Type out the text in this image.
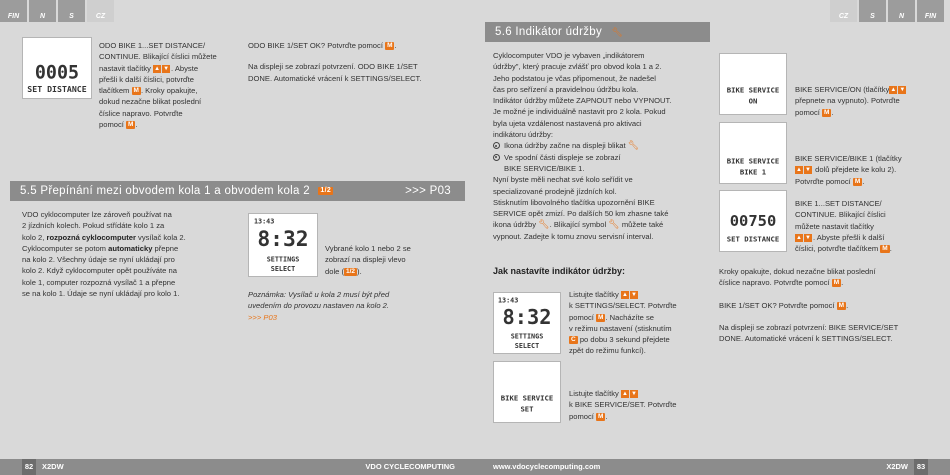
FIN	N	S	CZ
0005
SET DISTANCE
ODO BIKE 1...SET DISTANCE/
CONTINUE. Blikající číslici můžete
nastavit tlačítky ▲ ▼ . Abyste
přešli k další číslici, potvrďte
tlačítkem M . Kroky opakujte,
dokud nezačne blikat poslední
číslice napravo. Potvrďte
pomocí M .
ODO BIKE 1/SET OK? Potvrďte pomocí M .
Na displeji se zobrazí potvrzení. ODO BIKE 1/SET
DONE. Automatické vrácení k SETTINGS/SELECT.
5.5 Přepínání mezi obvodem kola 1 a obvodem kola 2 1/2	>>> P03
VDO cyklocomputer lze zároveň používat na
2 jízdních kolech. Pokud střídáte kolo 1 za
kolo 2, rozpozná cyklocomputer vysílač kola 2.
Cyklocomputer se potom automaticky přepne
na kolo 2. Všechny údaje se nyní ukládají pro
kolo 2. Když cyklocomputer opět používáte na
kole 1, computer rozpozná vysílač 1 a přepne
se na kolo 1. Údaje se nyní ukládají pro kolo 1.
13:43
8:32
SETTINGS
SELECT
Vybrané kolo 1 nebo 2 se
zobrazí na displeji vlevo
dole ( 1/2 ).
Poznámka: Vysílač u kola 2 musí být před
uvedením do provozu nastaven na kolo 2.
>>> P03
82	X2DW	VDO CYCLECOMPUTING
CZ	S	N	FIN
5.6 Indikátor údržby 🔧︎
Cyklocomputer VDO je vybaven „indikátorem
údržby", který pracuje zvlášť pro obvod kola 1 a 2.
Jeho podstatou je včas připomenout, že nadešel
čas pro seřízení a pravidelnou údržbu kola.
Indikátor údržby můžete ZAPNOUT nebo VYPNOUT.
Je možné je individuálně nastavit pro 2 kola. Pokud
byla ujeta vzdálenost nastavená pro aktivaci
indikátoru údržby:
Ikona údržby začne na displeji blikat 🔧︎
Ve spodní části displeje se zobrazí
BIKE SERVICE/BIKE 1.
Nyní byste měli nechat své kolo seřídit ve
specializované prodejně jízdních kol.
Stisknutím libovolného tlačítka upozornění BIKE
SERVICE opět zmizí. Po dalších 50 km zhasne také
ikona údržby 🔧︎. Blikající symbol 🔧︎ můžete také
vypnout. Zadejte k tomu znovu servisní interval.
Jak nastavíte indikátor údržby:
13:43
8:32
SETTINGS
SELECT
Listujte tlačítky ▲ ▼
k SETTINGS/SELECT. Potvrďte
pomocí M . Nacházíte se
v režimu nastavení (stisknutím
C po dobu 3 sekund přejdete
zpět do režimu funkcí).
BIKE SERVICE
SET
Listujte tlačítky ▲ ▼
k BIKE SERVICE/SET. Potvrďte
pomocí M .
BIKE SERVICE
ON
BIKE SERVICE/ON (tlačítky▲ ▼
přepnete na vypnuto). Potvrďte
pomocí M .
BIKE SERVICE
BIKE 1
BIKE SERVICE/BIKE 1 (tlačítky
▲ ▼ dolů přejdete ke kolu 2).
Potvrďte pomocí M .
00750
SET DISTANCE
BIKE 1...SET DISTANCE/
CONTINUE. Blikající číslici
můžete nastavit tlačítky
▲ ▼ . Abyste přešli k další
číslici, potvrďte tlačítkem M .
Kroky opakujte, dokud nezačne blikat poslední
číslice napravo. Potvrďte pomocí M .
BIKE 1/SET OK? Potvrďte pomocí M .
Na displeji se zobrazí potvrzení: BIKE SERVICE/SET
DONE. Automatické vrácení k SETTINGS/SELECT.
www.vdocyclecomputing.com	X2DW	83
